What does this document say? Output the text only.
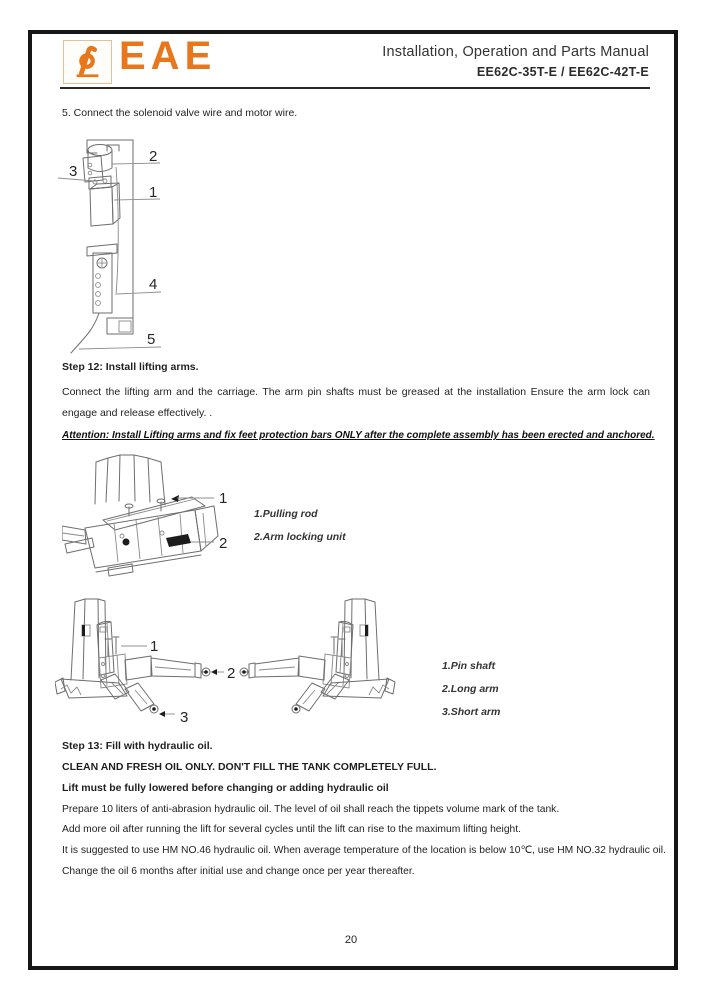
EAE	Installation, Operation and Parts Manual
EE62C-35T-E / EE62C-42T-E
5. Connect the solenoid valve wire and motor wire.
2
3
1
4
5
Step 12: Install lifting arms.
Connect the lifting arm and the carriage. The arm pin shafts must be greased at the installation Ensure the arm lock can engage and release effectively. .
Attention: Install Lifting arms and fix feet protection bars ONLY after the complete assembly has been erected and anchored.
1
2
1.Pulling rod
2.Arm locking unit
1
2
3
1.Pin shaft
2.Long arm
3.Short arm
Step 13: Fill with hydraulic oil.
CLEAN AND FRESH OIL ONLY. DON'T FILL THE TANK COMPLETELY FULL.
Lift must be fully lowered before changing or adding hydraulic oil
Prepare 10 liters of anti-abrasion hydraulic oil. The level of oil shall reach the tippets volume mark of the tank.
Add more oil after running the lift for several cycles until the lift can rise to the maximum lifting height.
It is suggested to use HM NO.46 hydraulic oil. When average temperature of the location is below 10℃, use HM NO.32 hydraulic oil.
Change the oil 6 months after initial use and change once per year thereafter.
20
